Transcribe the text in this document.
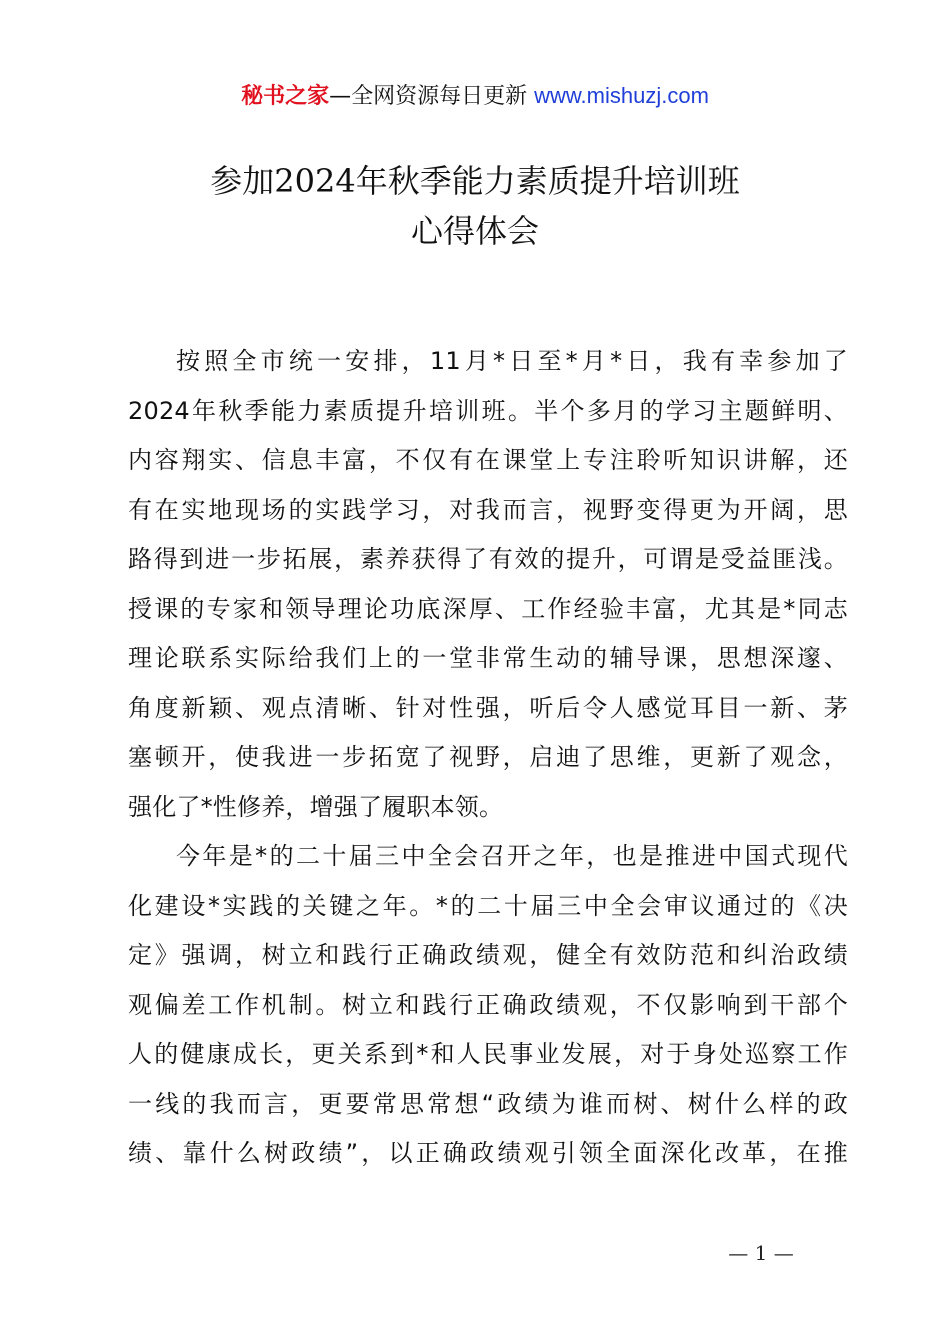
秘书之家—全网资源每日更新 www.mishuzj.com
参加2024年秋季能力素质提升培训班
心得体会
按照全市统一安排，11月*日至*月*日，我有幸参加了
2024年秋季能力素质提升培训班。半个多月的学习主题鲜明、
内容翔实、信息丰富，不仅有在课堂上专注聆听知识讲解，还
有在实地现场的实践学习，对我而言，视野变得更为开阔，思
路得到进一步拓展，素养获得了有效的提升，可谓是受益匪浅。
授课的专家和领导理论功底深厚、工作经验丰富，尤其是*同志
理论联系实际给我们上的一堂非常生动的辅导课，思想深邃、
角度新颖、观点清晰、针对性强，听后令人感觉耳目一新、茅
塞顿开，使我进一步拓宽了视野，启迪了思维，更新了观念，
强化了*性修养，增强了履职本领。
今年是*的二十届三中全会召开之年，也是推进中国式现代
化建设*实践的关键之年。*的二十届三中全会审议通过的《决
定》强调，树立和践行正确政绩观，健全有效防范和纠治政绩
观偏差工作机制。树立和践行正确政绩观，不仅影响到干部个
人的健康成长，更关系到*和人民事业发展，对于身处巡察工作
一线的我而言，更要常思常想“政绩为谁而树、树什么样的政
绩、靠什么树政绩”，以正确政绩观引领全面深化改革，在推
— 1 —
